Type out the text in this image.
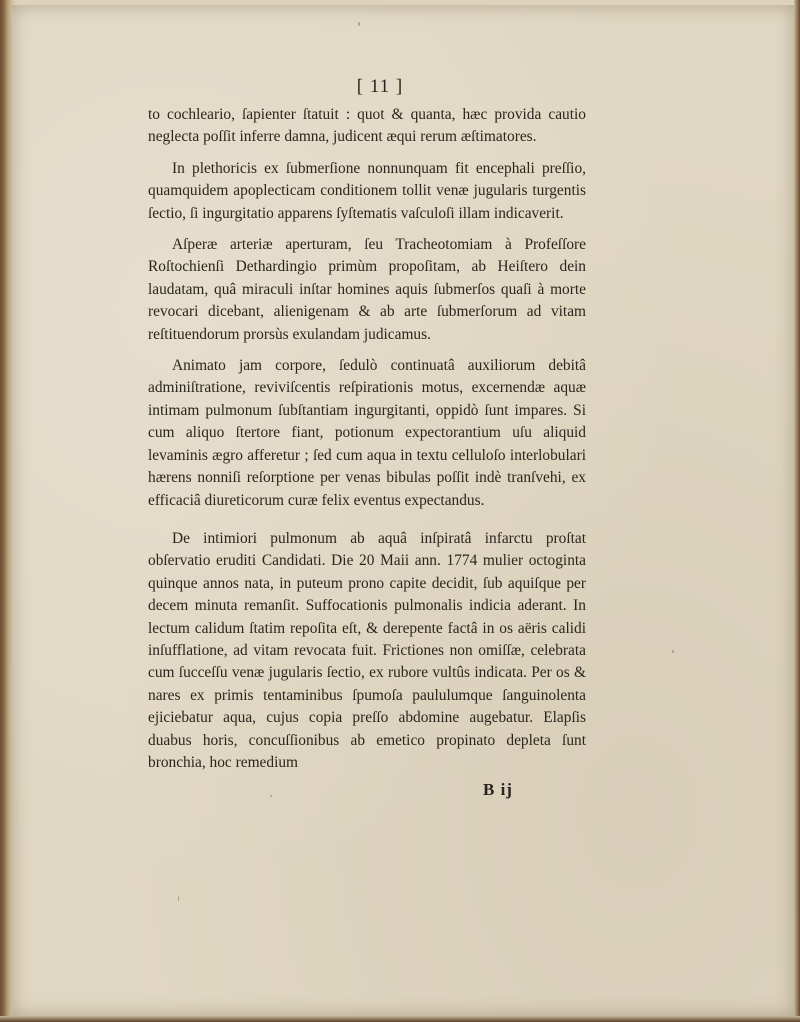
[ 11 ]

to cochleario, ſapienter ſtatuit : quot & quanta, hæc provida cautio neglecta poſſit inferre damna, judicent æqui rerum æſtimatores.

In plethoricis ex ſubmerſione nonnunquam fit encephali preſſio, quamquidem apoplecticam conditionem tollit venæ jugularis turgentis ſectio, ſi ingurgitatio apparens ſyſtematis vaſculoſi illam indicaverit.

Aſperæ arteriæ aperturam, ſeu Tracheotomiam à Profeſſore Roſtochienſi Dethardingio primùm propoſitam, ab Heiſtero dein laudatam, quâ miraculi inſtar homines aquis ſubmerſos quaſi à morte revocari dicebant, alienigenam & ab arte ſubmerſorum ad vitam reſtituendorum prorsùs exulandam judicamus.

Animato jam corpore, ſedulò continuatâ auxiliorum debitâ adminiſtratione, reviviſcentis reſpirationis motus, excernendæ aquæ intimam pulmonum ſubſtantiam ingurgitanti, oppidò ſunt impares. Si cum aliquo ſtertore fiant, potionum expectorantium uſu aliquid levaminis ægro afferetur ; ſed cum aqua in textu celluloſo interlobulari hærens nonniſi reſorptione per venas bibulas poſſit indè tranſvehi, ex efficaciâ diureticorum curæ felix eventus expectandus.

De intimiori pulmonum ab aquâ inſpiratâ infarctu proſtat obſervatio eruditi Candidati. Die 20 Maii ann. 1774 mulier octoginta quinque annos nata, in puteum prono capite decidit, ſub aquiſque per decem minuta remanſit. Suffocationis pulmonalis indicia aderant. In lectum calidum ſtatim repoſita eſt, & derepente factâ in os aëris calidi inſufflatione, ad vitam revocata fuit. Frictiones non omiſſæ, celebrata cum ſucceſſu venæ jugularis ſectio, ex rubore vultûs indicata. Per os & nares ex primis tentaminibus ſpumoſa paululumque ſanguinolenta ejiciebatur aqua, cujus copia preſſo abdomine augebatur. Elapſis duabus horis, concuſſionibus ab emetico propinato depleta ſunt bronchia, hoc remedium

B ij
